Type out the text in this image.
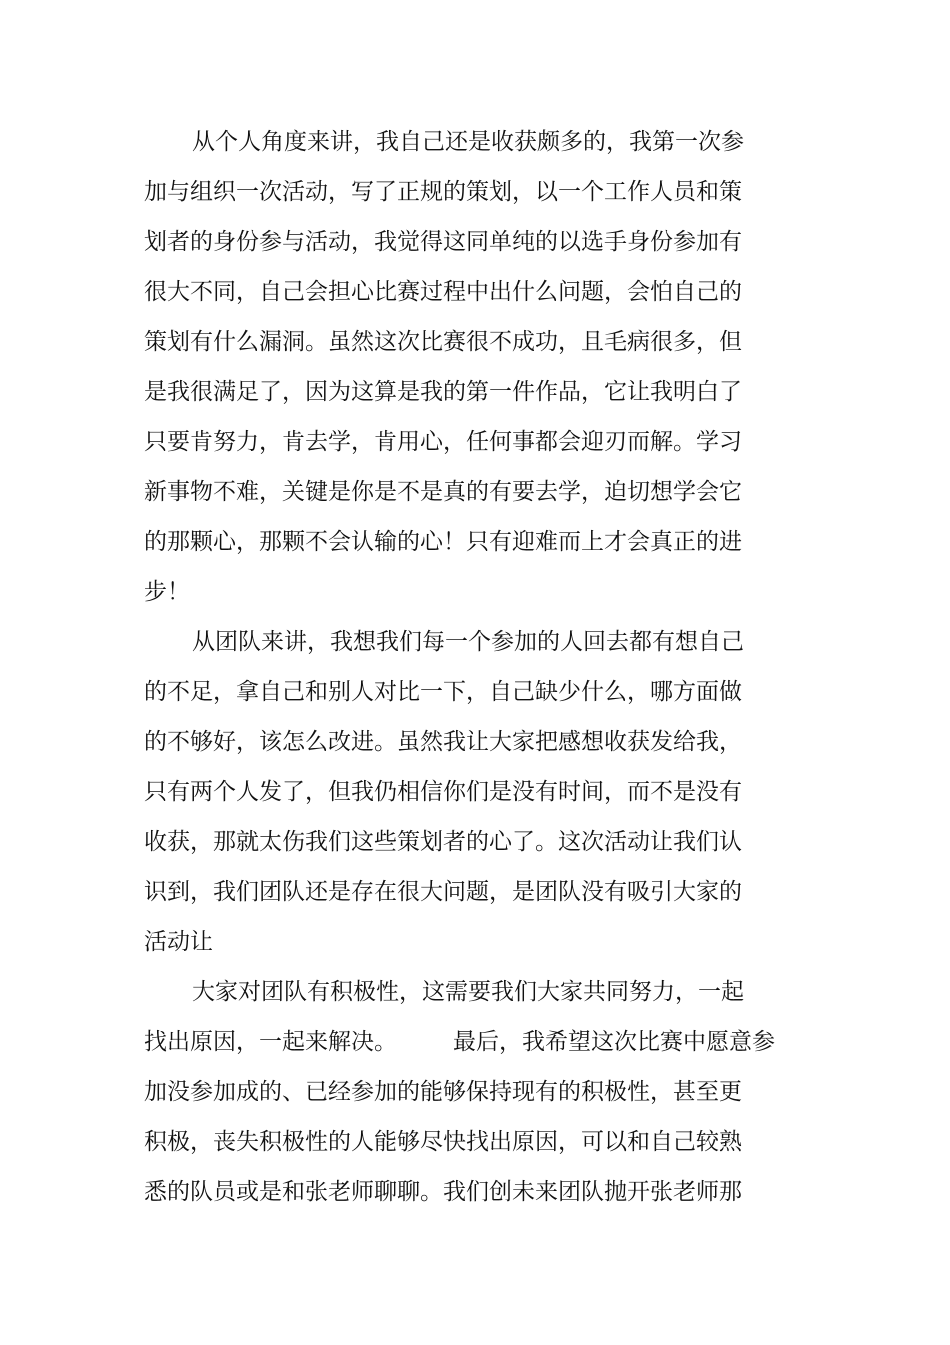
从个人角度来讲，我自己还是收获颇多的，我第一次参
加与组织一次活动，写了正规的策划，以一个工作人员和策
划者的身份参与活动，我觉得这同单纯的以选手身份参加有
很大不同，自己会担心比赛过程中出什么问题，会怕自己的
策划有什么漏洞。虽然这次比赛很不成功，且毛病很多，但
是我很满足了，因为这算是我的第一件作品，它让我明白了
只要肯努力，肯去学，肯用心，任何事都会迎刃而解。学习
新事物不难，关键是你是不是真的有要去学，迫切想学会它
的那颗心，那颗不会认输的心！只有迎难而上才会真正的进
步！
从团队来讲，我想我们每一个参加的人回去都有想自己
的不足，拿自己和别人对比一下，自己缺少什么，哪方面做
的不够好，该怎么改进。虽然我让大家把感想收获发给我，
只有两个人发了，但我仍相信你们是没有时间，而不是没有
收获，那就太伤我们这些策划者的心了。这次活动让我们认
识到，我们团队还是存在很大问题，是团队没有吸引大家的
活动让
大家对团队有积极性，这需要我们大家共同努力，一起
找出原因，一起来解决。 最后，我希望这次比赛中愿意参
加没参加成的、已经参加的能够保持现有的积极性，甚至更
积极，丧失积极性的人能够尽快找出原因，可以和自己较熟
悉的队员或是和张老师聊聊。我们创未来团队抛开张老师那
